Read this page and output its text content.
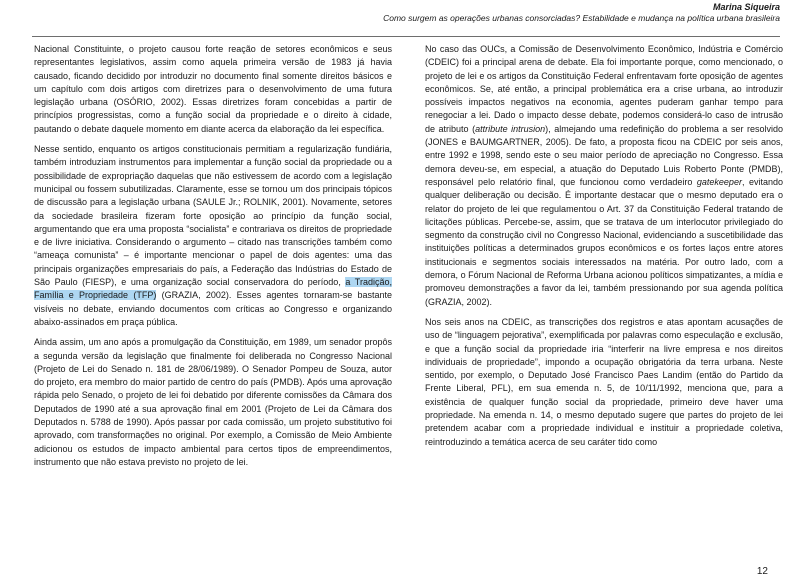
Marina Siqueira
Como surgem as operações urbanas consorciadas? Estabilidade e mudança na política urbana brasileira

Nacional Constituinte, o projeto causou forte reação de setores econômicos e seus representantes legislativos, assim como aquela primeira versão de 1983 já havia causado, ficando decidido por introduzir no documento final somente direitos básicos e um capítulo com dois artigos com diretrizes para o desenvolvimento de uma futura legislação urbana (OSÓRIO, 2002). Essas diretrizes foram concebidas a partir de princípios progressistas, como a função social da propriedade e o direito à cidade, pautando o debate daquele momento em diante acerca da elaboração da lei específica.

Nesse sentido, enquanto os artigos constitucionais permitiam a regularização fundiária, também introduziam instrumentos para implementar a função social da propriedade ou a possibilidade de expropriação daquelas que não estivessem de acordo com a legislação municipal ou fossem subutilizadas. Claramente, esse se tornou um dos principais tópicos de discussão para a legislação urbana (SAULE Jr.; ROLNIK, 2001). Novamente, setores da sociedade brasileira fizeram forte oposição ao princípio da função social, argumentando que era uma proposta “socialista” e contrariava os direitos de propriedade e de livre iniciativa. Considerando o argumento – citado nas transcrições também como “ameaça comunista” – é importante mencionar o papel de dois agentes: uma das principais organizações empresariais do país, a Federação das Indústrias do Estado de São Paulo (FIESP), e uma organização social conservadora do período, a Tradição, Família e Propriedade (TFP) (GRAZIA, 2002). Esses agentes tornaram-se bastante visíveis no debate, enviando documentos com críticas ao Congresso e organizando abaixo-assinados em praça pública.

Ainda assim, um ano após a promulgação da Constituição, em 1989, um senador propôs a segunda versão da legislação que finalmente foi deliberada no Congresso Nacional (Projeto de Lei do Senado n. 181 de 28/06/1989). O Senador Pompeu de Souza, autor do projeto, era membro do maior partido de centro do país (PMDB). Após uma aprovação rápida pelo Senado, o projeto de lei foi debatido por diferente comissões da Câmara dos Deputados de 1990 até a sua aprovação final em 2001 (Projeto de Lei da Câmara dos Deputados n. 5788 de 1990). Após passar por cada comissão, um projeto substitutivo foi aprovado, com transformações no original. Por exemplo, a Comissão de Meio Ambiente adicionou os estudos de impacto ambiental para certos tipos de empreendimentos, instrumento que não estava previsto no projeto de lei.

No caso das OUCs, a Comissão de Desenvolvimento Econômico, Indústria e Comércio (CDEIC) foi a principal arena de debate. Ela foi importante porque, como mencionado, o projeto de lei e os artigos da Constituição Federal enfrentavam forte oposição de agentes econômicos. Se, até então, a principal problemática era a crise urbana, ao introduzir possíveis impactos negativos na economia, agentes puderam ganhar tempo para renegociar a lei. Dado o impacto desse debate, podemos considerá-lo caso de intrusão de atributo (attribute intrusion), almejando uma redefinição do problema a ser resolvido (JONES e BAUMGARTNER, 2005). De fato, a proposta ficou na CDEIC por seis anos, entre 1992 e 1998, sendo este o seu maior período de apreciação no Congresso. Essa demora deveu-se, em especial, a atuação do Deputado Luis Roberto Ponte (PMDB), responsável pelo relatório final, que funcionou como verdadeiro gatekeeper, evitando qualquer deliberação ou decisão. É importante destacar que o mesmo deputado era o relator do projeto de lei que regulamentou o Art. 37 da Constituição Federal tratando de licitações públicas. Percebe-se, assim, que se tratava de um interlocutor privilegiado do segmento da construção civil no Congresso Nacional, evidenciando a suscetibilidade das instituições políticas a determinados grupos econômicos e os fortes laços entre atores institucionais e segmentos sociais interessados na matéria. Por outro lado, com a demora, o Fórum Nacional de Reforma Urbana acionou políticos simpatizantes, a mídia e promoveu demonstrações a favor da lei, também pressionando por sua agenda política (GRAZIA, 2002).

Nos seis anos na CDEIC, as transcrições dos registros e atas apontam acusações de uso de “linguagem pejorativa”, exemplificada por palavras como especulação e exclusão, e que a função social da propriedade iria “interferir na livre empresa e nos direitos individuais de propriedade”, impondo a ocupação obrigatória da terra urbana. Neste sentido, por exemplo, o Deputado José Francisco Paes Landim (então do Partido da Frente Liberal, PFL), em sua emenda n. 5, de 10/11/1992, menciona que, para a existência de qualquer função social da propriedade, primeiro deve haver uma propriedade. Na emenda n. 14, o mesmo deputado sugere que partes do projeto de lei pretendem acabar com a propriedade individual e instituir a propriedade coletiva, reintroduzindo a temática acerca de seu caráter tido como

12
